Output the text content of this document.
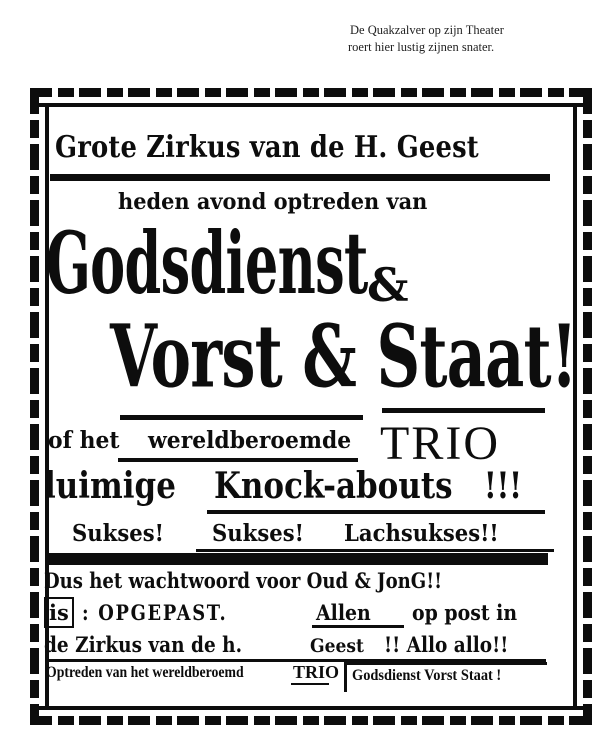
De Quakzalver op zijn Theater
roert hier lustig zijnen snater.
Grote Zirkus van de H. Geest
heden avond optreden van
Godsdienst &
Vorst & Staat!
of het wereldberoemde TRIO
luimige Knock-abouts !!!
Sukses! Sukses! Lachsukses!!
Dus het wachtwoord voor Oud & JonG!!
is : OPGEPAST.	Allen op post in
de Zirkus van de h.	Geest !! Allo allo!!
Optreden van het wereldberoemd	TRIO Godsdienst Vorst Staat !
